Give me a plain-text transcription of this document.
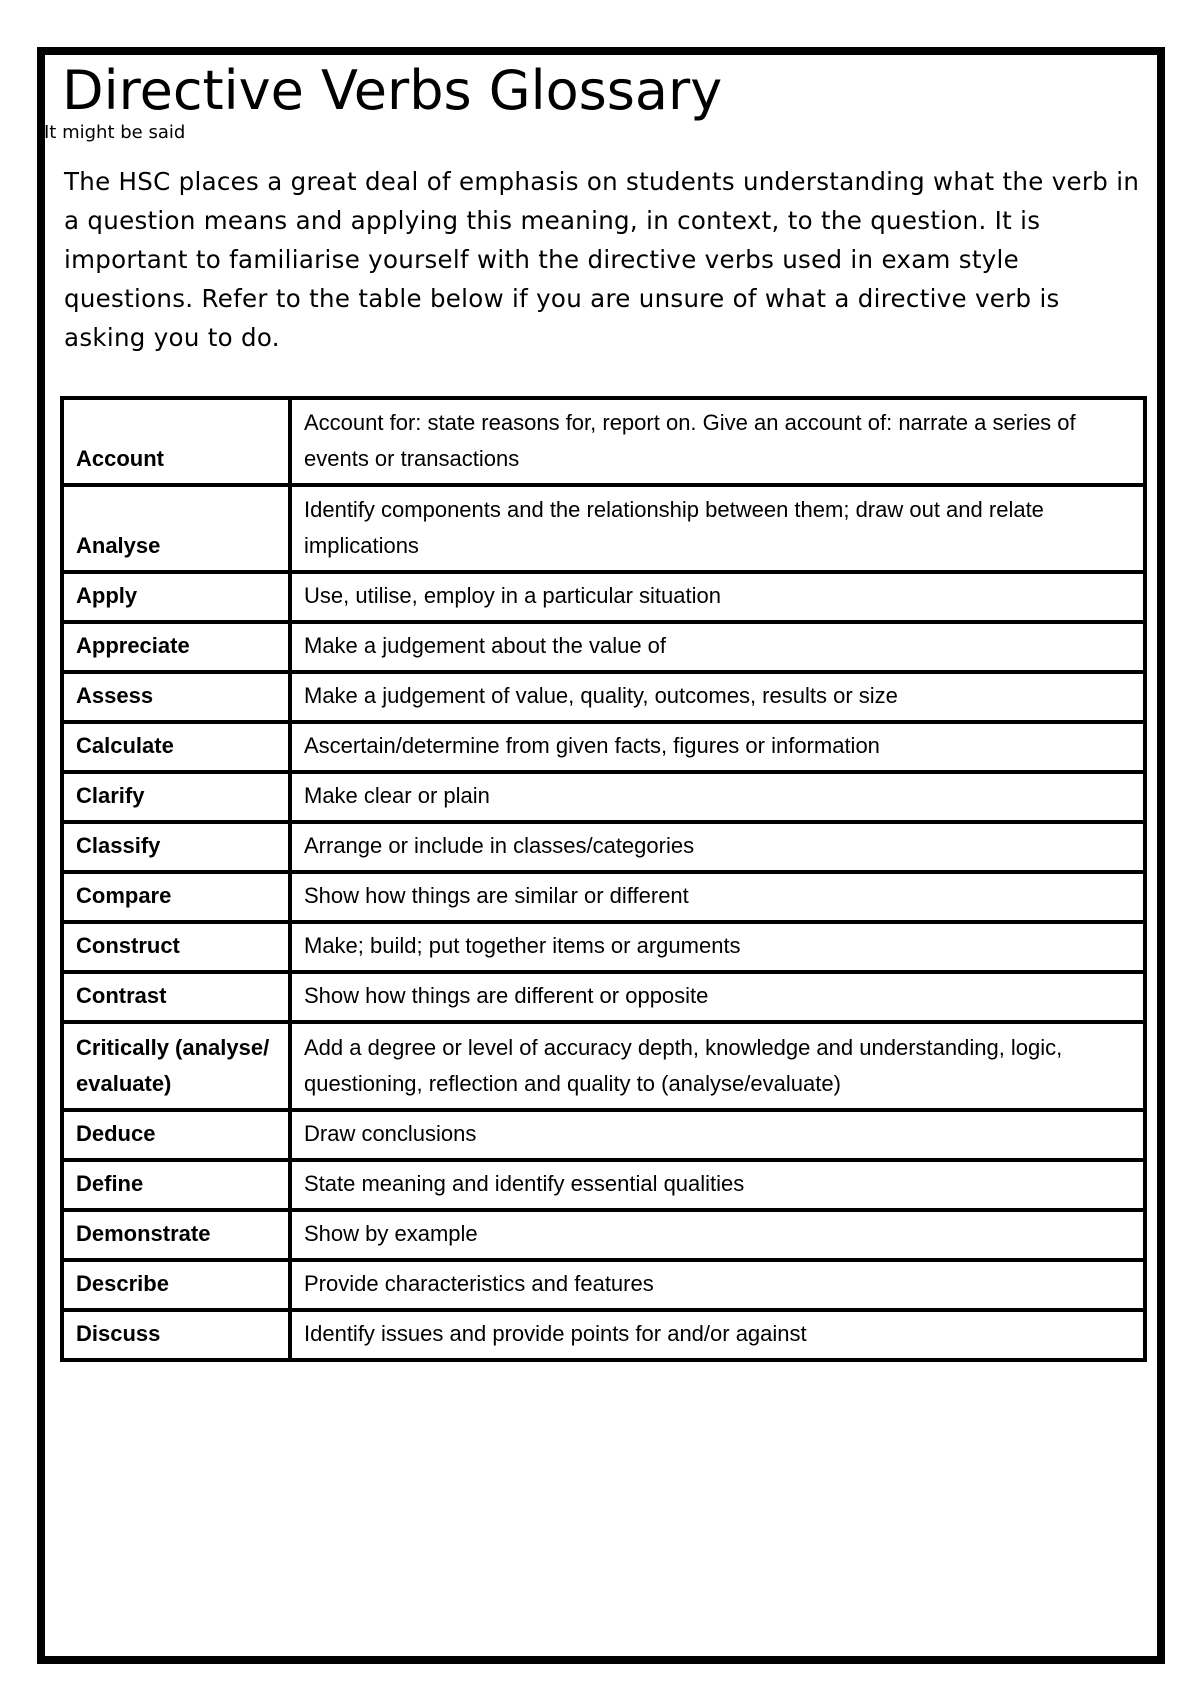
Directive Verbs Glossary
It might be said

The HSC places a great deal of emphasis on students understanding what the verb in a question means and applying this meaning, in context, to the question. It is important to familiarise yourself with the directive verbs used in exam style questions. Refer to the table below if you are unsure of what a directive verb is asking you to do.

Account	Account for: state reasons for, report on. Give an account of: narrate a series of events or transactions
Analyse	Identify components and the relationship between them; draw out and relate implications
Apply	Use, utilise, employ in a particular situation
Appreciate	Make a judgement about the value of
Assess	Make a judgement of value, quality, outcomes, results or size
Calculate	Ascertain/determine from given facts, figures or information
Clarify	Make clear or plain
Classify	Arrange or include in classes/categories
Compare	Show how things are similar or different
Construct	Make; build; put together items or arguments
Contrast	Show how things are different or opposite
Critically (analyse/ evaluate)	Add a degree or level of accuracy depth, knowledge and understanding, logic, questioning, reflection and quality to (analyse/evaluate)
Deduce	Draw conclusions
Define	State meaning and identify essential qualities
Demonstrate	Show by example
Describe	Provide characteristics and features
Discuss	Identify issues and provide points for and/or against
